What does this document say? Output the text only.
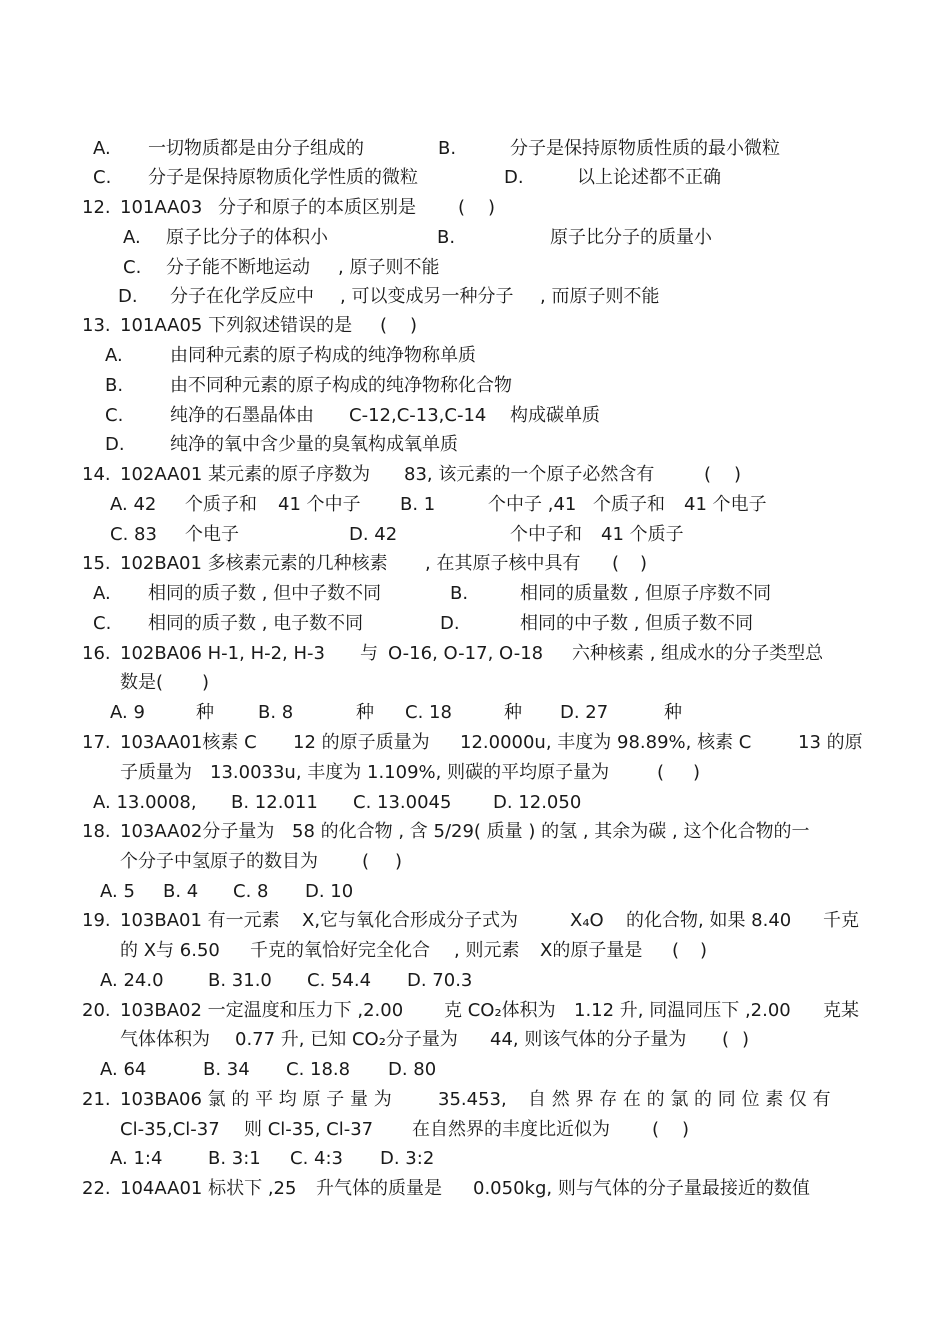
A. 一切物质都是由分子组成的	B.	分子是保持原物质性质的最小微粒
C. 分子是保持原物质化学性质的微粒	D.	以上论述都不正确
12. 101AA03 分子和原子的本质区别是 ( )
A. 原子比分子的体积小	B.	原子比分子的质量小
C. 分子能不断地运动 , 原子则不能
D. 分子在化学反应中 , 可以变成另一种分子 , 而原子则不能
13. 101AA05 下列叙述错误的是 ( )
A.	由同种元素的原子构成的纯净物称单质
B.	由不同种元素的原子构成的纯净物称化合物
C.	纯净的石墨晶体由 C-12,C-13,C-14 构成碳单质
D.	纯净的氧中含少量的臭氧构成氧单质
14. 102AA01 某元素的原子序数为 83, 该元素的一个原子必然含有	( )
A. 42 个质子和 41 个中子 B. 1	个中子 ,41 个质子和 41 个电子
C. 83 个电子	D. 42	个中子和 41 个质子
15. 102BA01 多核素元素的几种核素 , 在其原子核中具有 ( )
A. 相同的质子数 , 但中子数不同	B.	相同的质量数 , 但原子序数不同
C. 相同的质子数 , 电子数不同	D.	相同的中子数 , 但质子数不同
16. 102BA06 H-1, H-2, H-3 与 O-16, O-17, O-18 六种核素 , 组成水的分子类型总
数是( )
A. 9	种 B. 8	种 C. 18	种 D. 27	种
17. 103AA01核素 C 12 的原子质量为 12.0000u, 丰度为 98.89%, 核素 C	13 的原
子质量为 13.0033u, 丰度为 1.109%, 则碳的平均原子量为	( )
A. 13.0008, B. 12.011 C. 13.0045 D. 12.050
18. 103AA02分子量为 58 的化合物 , 含 5/29( 质量 ) 的氢 , 其余为碳 , 这个化合物的一
个分子中氢原子的数目为 ( )
A. 5 B. 4 C. 8 D. 10
19. 103BA01 有一元素 X,它与氧化合形成分子式为	X₄O 的化合物, 如果 8.40 千克
的 X与 6.50 千克的氧恰好完全化合 , 则元素 X的原子量是 ( )
A. 24.0 B. 31.0 C. 54.4 D. 70.3
20. 103BA02 一定温度和压力下 ,2.00 克 CO₂体积为 1.12 升, 同温同压下 ,2.00 克某
气体体积为 0.77 升, 已知 CO₂分子量为 44, 则该气体的分子量为 ( )
A. 64	B. 34 C. 18.8 D. 80
21. 103BA06 氯 的 平 均 原 子 量 为	35.453, 自 然 界 存 在 的 氯 的 同 位 素 仅 有
Cl-35,Cl-37 则 Cl-35, Cl-37 在自然界的丰度比近似为 ( )
A. 1:4	B. 3:1 C. 4:3 D. 3:2
22. 104AA01 标状下 ,25 升气体的质量是 0.050kg, 则与气体的分子量最接近的数值
